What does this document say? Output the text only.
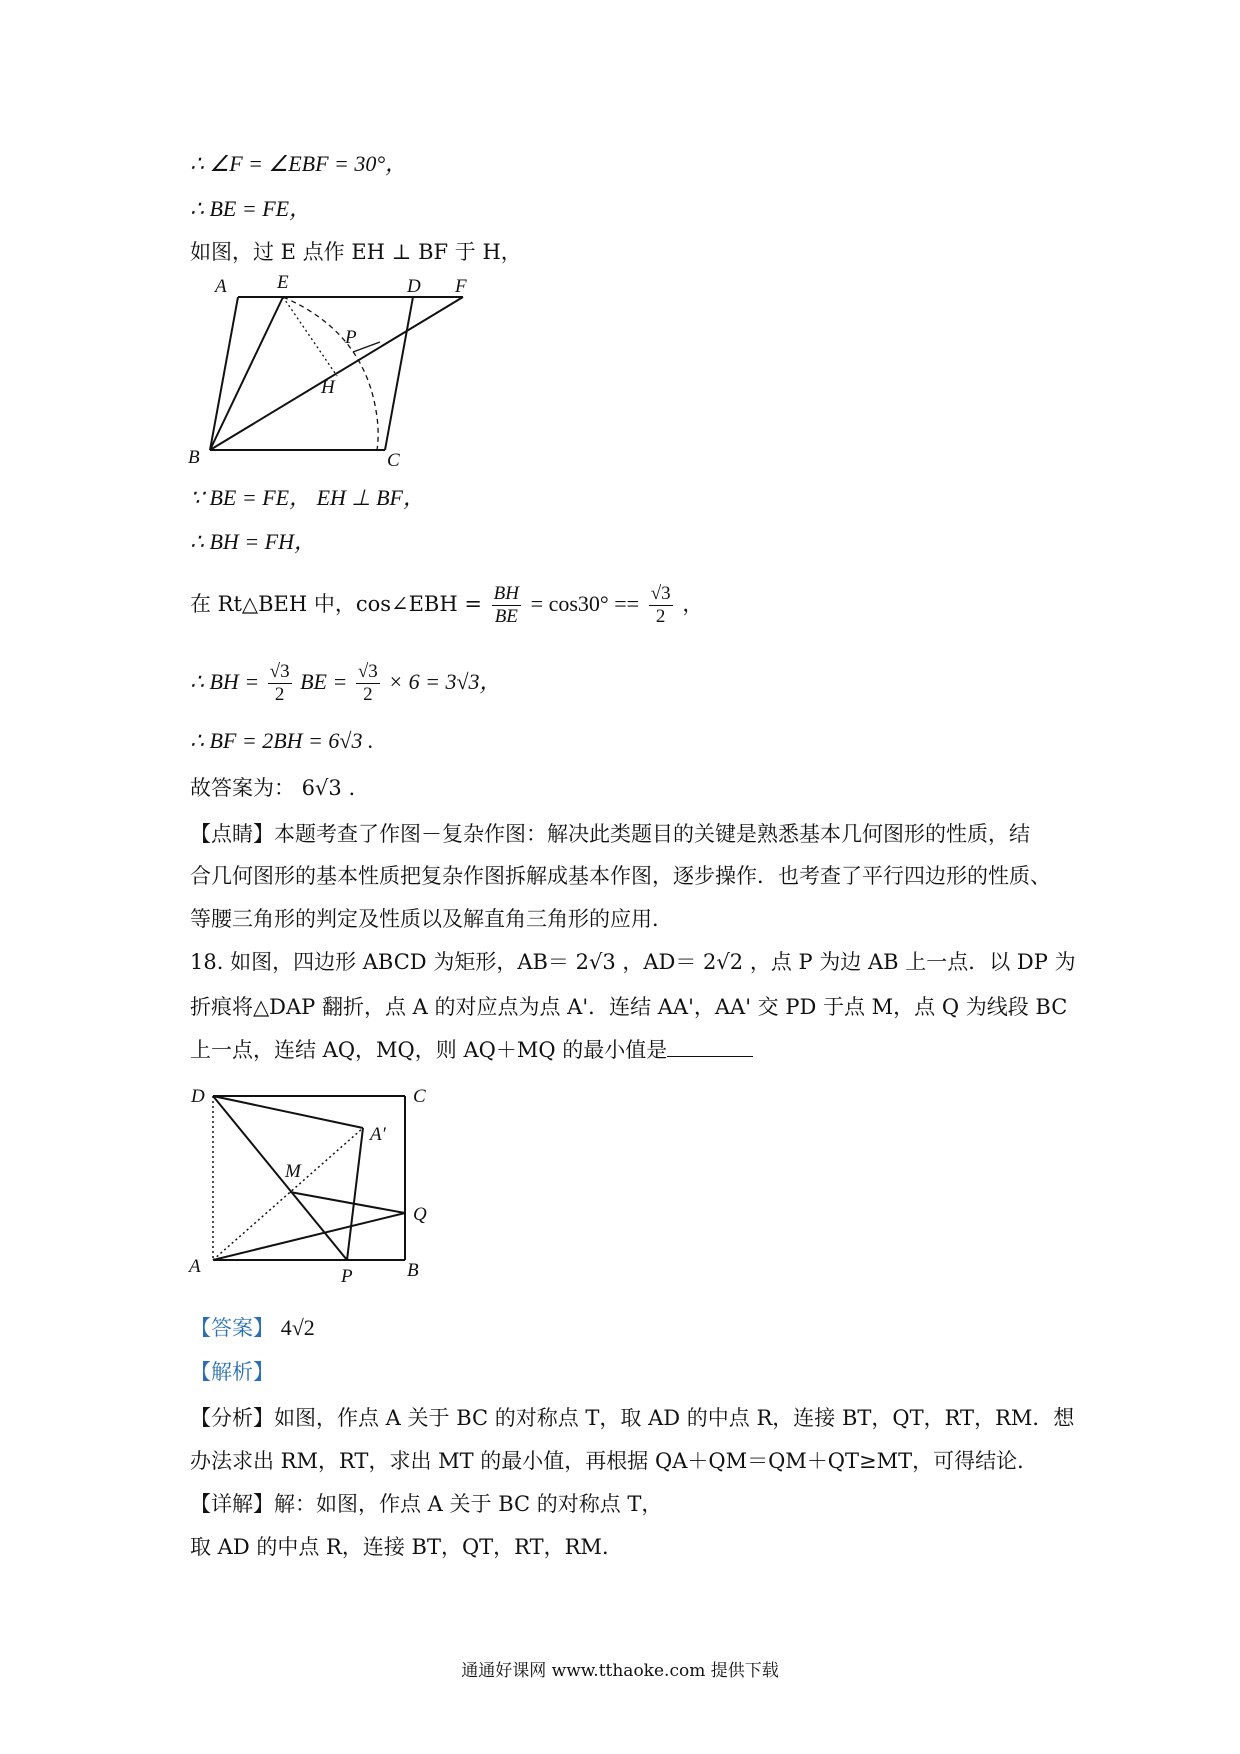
∴ ∠F = ∠EBF = 30°，
∴ BE = FE，
如图，过 E 点作 EH ⊥ BF 于 H，
A	E	D F
P
H
B	C
∵ BE = FE， EH ⊥ BF，
∴ BH = FH，
在 Rt△BEH 中，cos∠EBH = $\frac{BH}{BE} = \cos 30^\circ == \frac{√3}{2}$ ，
∴ BH = $\frac{√3}{2}$ BE = $\frac{√3}{2} \times 6 = 3√3$，
∴ BF = 2BH = 6√3 .
故答案为： 6√3 .
【点睛】本题考查了作图－复杂作图：解决此类题目的关键是熟悉基本几何图形的性质，结
合几何图形的基本性质把复杂作图拆解成基本作图，逐步操作．也考查了平行四边形的性质、
等腰三角形的判定及性质以及解直角三角形的应用．
18. 如图，四边形 ABCD 为矩形，AB＝ 2√3 ，AD＝ 2√2 ，点 P 为边 AB 上一点．以 DP 为
折痕将△DAP 翻折，点 A 的对应点为点 A'．连结 AA'，AA' 交 PD 于点 M，点 Q 为线段 BC
上一点，连结 AQ，MQ，则 AQ＋MQ 的最小值是
D	C
A′
M
Q
A	P	B
【答案】 4√2
【解析】
【分析】如图，作点 A 关于 BC 的对称点 T，取 AD 的中点 R，连接 BT，QT，RT，RM．想
办法求出 RM，RT，求出 MT 的最小值，再根据 QA＋QM＝QM＋QT≥MT，可得结论．
【详解】解：如图，作点 A 关于 BC 的对称点 T，
取 AD 的中点 R，连接 BT，QT，RT，RM．
通通好课网 www.tthaoke.com 提供下载
